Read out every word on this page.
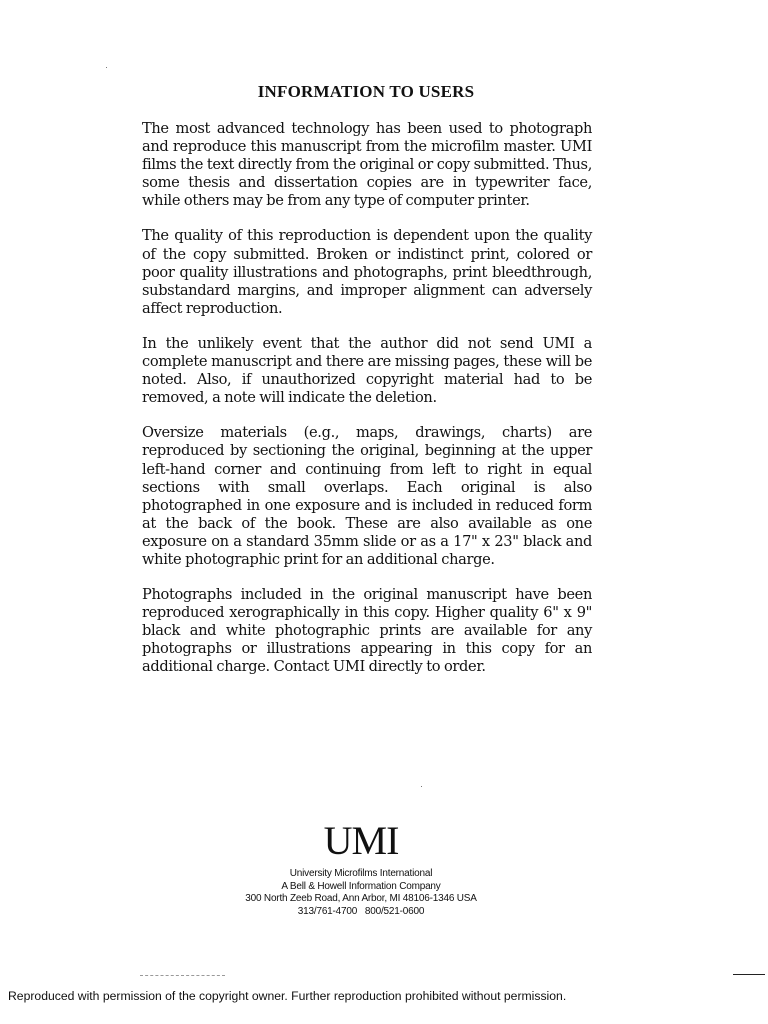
INFORMATION TO USERS

The most advanced technology has been used to photograph and reproduce this manuscript from the microfilm master. UMI films the text directly from the original or copy submitted. Thus, some thesis and dissertation copies are in typewriter face, while others may be from any type of computer printer.

The quality of this reproduction is dependent upon the quality of the copy submitted. Broken or indistinct print, colored or poor quality illustrations and photographs, print bleedthrough, substandard margins, and improper alignment can adversely affect reproduction.

In the unlikely event that the author did not send UMI a complete manuscript and there are missing pages, these will be noted. Also, if unauthorized copyright material had to be removed, a note will indicate the deletion.

Oversize materials (e.g., maps, drawings, charts) are reproduced by sectioning the original, beginning at the upper left-hand corner and continuing from left to right in equal sections with small overlaps. Each original is also photographed in one exposure and is included in reduced form at the back of the book. These are also available as one exposure on a standard 35mm slide or as a 17" x 23" black and white photographic print for an additional charge.

Photographs included in the original manuscript have been reproduced xerographically in this copy. Higher quality 6" x 9" black and white photographic prints are available for any photographs or illustrations appearing in this copy for an additional charge. Contact UMI directly to order.

UMI
University Microfilms International
A Bell & Howell Information Company
300 North Zeeb Road, Ann Arbor, MI 48106-1346 USA
313/761-4700   800/521-0600
Reproduced with permission of the copyright owner. Further reproduction prohibited without permission.
